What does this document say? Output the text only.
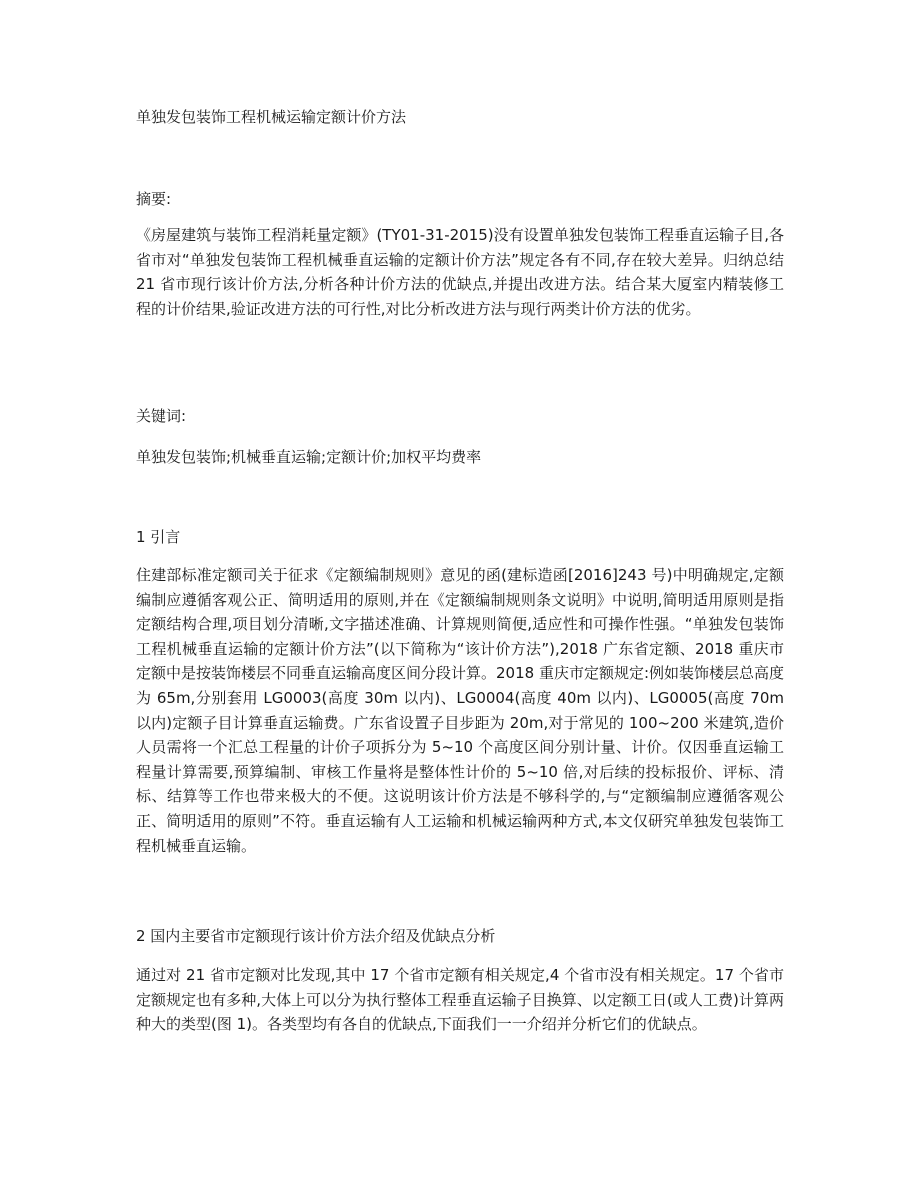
单独发包装饰工程机械运输定额计价方法
摘要:

《房屋建筑与装饰工程消耗量定额》(TY01-31-2015)没有设置单独发包装饰工程垂直运输子目,各省市对“单独发包装饰工程机械垂直运输的定额计价方法”规定各有不同,存在较大差异。归纳总结 21 省市现行该计价方法,分析各种计价方法的优缺点,并提出改进方法。结合某大厦室内精装修工程的计价结果,验证改进方法的可行性,对比分析改进方法与现行两类计价方法的优劣。

关键词:
单独发包装饰;机械垂直运输;定额计价;加权平均费率
1 引言

住建部标准定额司关于征求《定额编制规则》意见的函(建标造函[2016]243 号)中明确规定,定额编制应遵循客观公正、简明适用的原则,并在《定额编制规则条文说明》中说明,简明适用原则是指定额结构合理,项目划分清晰,文字描述准确、计算规则简便,适应性和可操作性强。“单独发包装饰工程机械垂直运输的定额计价方法”(以下简称为“该计价方法”),2018 广东省定额、2018 重庆市定额中是按装饰楼层不同垂直运输高度区间分段计算。2018 重庆市定额规定:例如装饰楼层总高度为 65m,分别套用 LG0003(高度 30m 以内)、LG0004(高度 40m 以内)、LG0005(高度 70m 以内)定额子目计算垂直运输费。广东省设置子目步距为 20m,对于常见的 100~200 米建筑,造价人员需将一个汇总工程量的计价子项拆分为 5~10 个高度区间分别计量、计价。仅因垂直运输工程量计算需要,预算编制、审核工作量将是整体性计价的 5~10 倍,对后续的投标报价、评标、清标、结算等工作也带来极大的不便。这说明该计价方法是不够科学的,与“定额编制应遵循客观公正、简明适用的原则”不符。垂直运输有人工运输和机械运输两种方式,本文仅研究单独发包装饰工程机械垂直运输。

2 国内主要省市定额现行该计价方法介绍及优缺点分析

通过对 21 省市定额对比发现,其中 17 个省市定额有相关规定,4 个省市没有相关规定。17 个省市定额规定也有多种,大体上可以分为执行整体工程垂直运输子目换算、以定额工日(或人工费)计算两种大的类型(图 1)。各类型均有各自的优缺点,下面我们一一介绍并分析它们的优缺点。
